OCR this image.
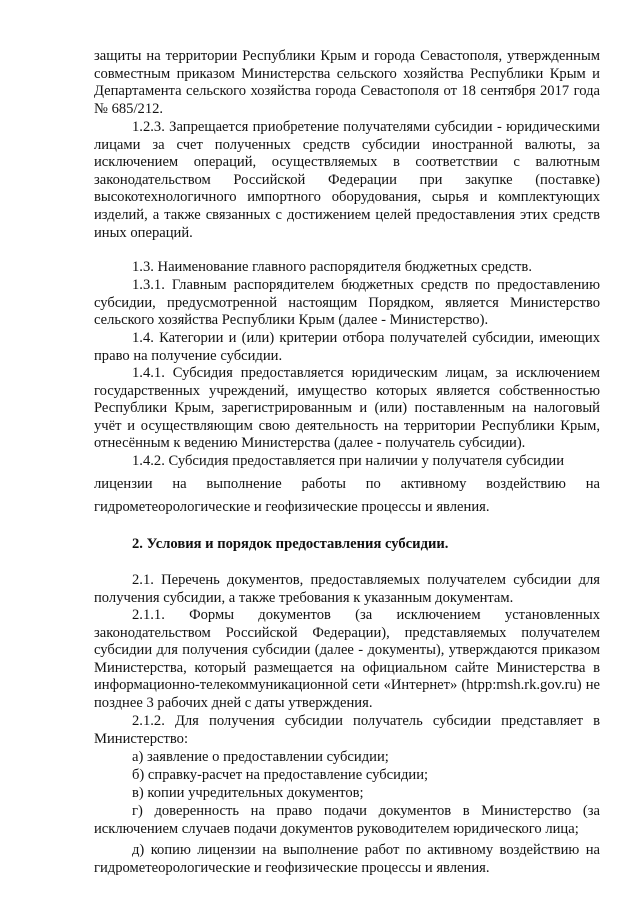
защиты на территории Республики Крым и города Севастополя, утвержденным совместным приказом Министерства сельского хозяйства Республики Крым и Департамента сельского хозяйства города Севастополя от 18 сентября 2017 года № 685/212.

1.2.3. Запрещается приобретение получателями субсидии - юридическими лицами за счет полученных средств субсидии иностранной валюты, за исключением операций, осуществляемых в соответствии с валютным законодательством Российской Федерации при закупке (поставке) высокотехнологичного импортного оборудования, сырья и комплектующих изделий, а также связанных с достижением целей предоставления этих средств иных операций.

1.3. Наименование главного распорядителя бюджетных средств.

1.3.1. Главным распорядителем бюджетных средств по предоставлению субсидии, предусмотренной настоящим Порядком, является Министерство сельского хозяйства Республики Крым (далее - Министерство).

1.4. Категории и (или) критерии отбора получателей субсидии, имеющих право на получение субсидии.

1.4.1. Субсидия предоставляется юридическим лицам, за исключением государственных учреждений, имущество которых является собственностью Республики Крым, зарегистрированным и (или) поставленным на налоговый учёт и осуществляющим свою деятельность на территории Республики Крым, отнесённым к ведению Министерства (далее - получатель субсидии).

1.4.2. Субсидия предоставляется при наличии у получателя субсидии

лицензии на выполнение работы по активному воздействию на

гидрометеорологические и геофизические процессы и явления.

2. Условия и порядок предоставления субсидии.

2.1. Перечень документов, предоставляемых получателем субсидии для получения субсидии, а также требования к указанным документам.

2.1.1. Формы документов (за исключением установленных законодательством Российской Федерации), представляемых получателем субсидии для получения субсидии (далее - документы), утверждаются приказом Министерства, который размещается на официальном сайте Министерства в информационно-телекоммуникационной сети «Интернет» (htpp:msh.rk.gov.ru) не позднее 3 рабочих дней с даты утверждения.

2.1.2. Для получения субсидии получатель субсидии представляет в Министерство:

а) заявление о предоставлении субсидии;

б) справку-расчет на предоставление субсидии;

в) копии учредительных документов;

г) доверенность на право подачи документов в Министерство (за исключением случаев подачи документов руководителем юридического лица;

д) копию лицензии на выполнение работ по активному воздействию на гидрометеорологические и геофизические процессы и явления.
